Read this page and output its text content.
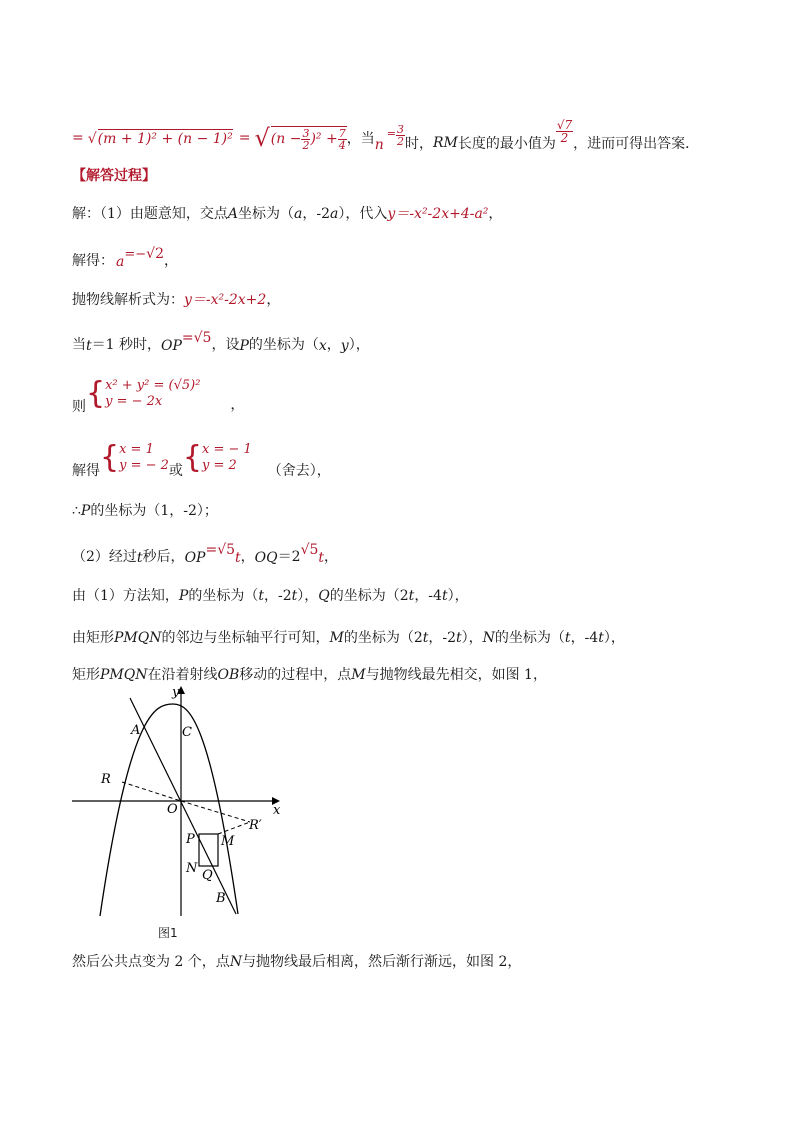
= √(m + 1)² + (n − 1)² = √ $(n - \frac{3}{2} )^2 + \frac{7}{4}$ ，当 n
= $\frac{3}{2}$ 时， RM 长度的最小值为
$\frac{√7}{2}$
，进而可得出答案．
【解答过程】
解：（1）由题意知，交点A坐标为（a，-2a），代入y＝-x²-2x+4-a²，
解得： a =− √2 ，
抛物线解析式为：y＝-x²-2x+2，
当 t ＝1 秒时， OP = √5 ，设 P 的坐标为（ x ， y ），
则 { x² + y² = (√5)²
y = − 2x	，
解得 { x = 1
y = − 2 或 { x = − 1
y = 2	（舍去），
∴P的坐标为（1，-2）；
（2）经过 t 秒后， OP = √5 t ， OQ ＝2 √5 t ，
由（1）方法知，P的坐标为（t，-2t），Q的坐标为（2t，-4t），
由矩形PMQN的邻边与坐标轴平行可知，M的坐标为（2t，-2t），N的坐标为（t，-4t），
矩形PMQN在沿着射线OB移动的过程中，点M与抛物线最先相交，如图 1，
y
x
A	C
R
O
R′
P M
N Q
B
图1
然后公共点变为 2 个，点N与抛物线最后相离，然后渐行渐远，如图 2，
